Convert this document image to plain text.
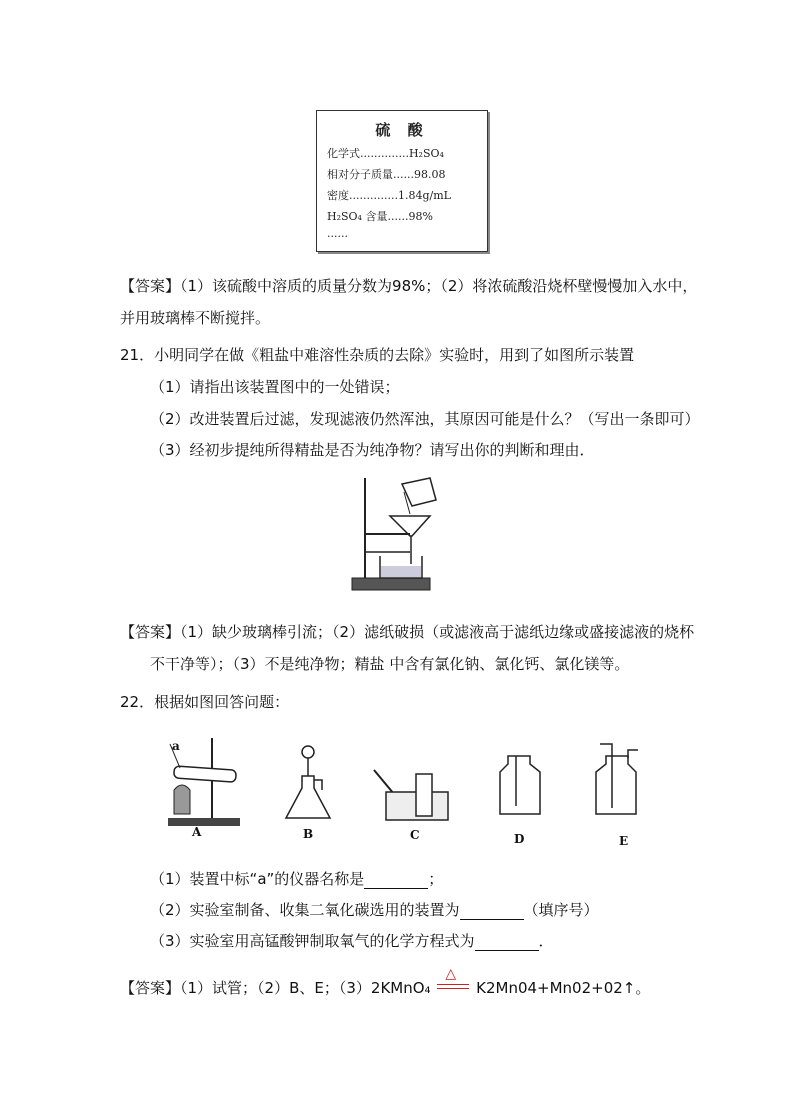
硫 酸
化学式..............H₂SO₄
相对分子质量......98.08
密度..............1.84g/mL
H₂SO₄ 含量......98%
......
【答案】（1）该硫酸中溶质的质量分数为98%；（2）将浓硫酸沿烧杯壁慢慢加入水中，
并用玻璃棒不断搅拌。
21．小明同学在做《粗盐中难溶性杂质的去除》实验时，用到了如图所示装置
（1）请指出该装置图中的一处错误；
（2）改进装置后过滤，发现滤液仍然浑浊，其原因可能是什么？（写出一条即可）
（3）经初步提纯所得精盐是否为纯净物？请写出你的判断和理由．
【答案】（1）缺少玻璃棒引流；（2）滤纸破损（或滤液高于滤纸边缘或盛接滤液的烧杯
不干净等）；（3）不是纯净物；精盐 中含有氯化钠、氯化钙、氯化镁等。
22．根据如图回答问题：
a
A	B	C	D	E
（1）装置中标“a”的仪器名称是	；
（2）实验室制备、收集二氧化碳选用的装置为	（填序号）
（3）实验室用高锰酸钾制取氧气的化学方程式为	．
【答案】（1）试管；（2）B、E；（3）2KMnO₄
△
K2Mn04+Mn02+02↑。
